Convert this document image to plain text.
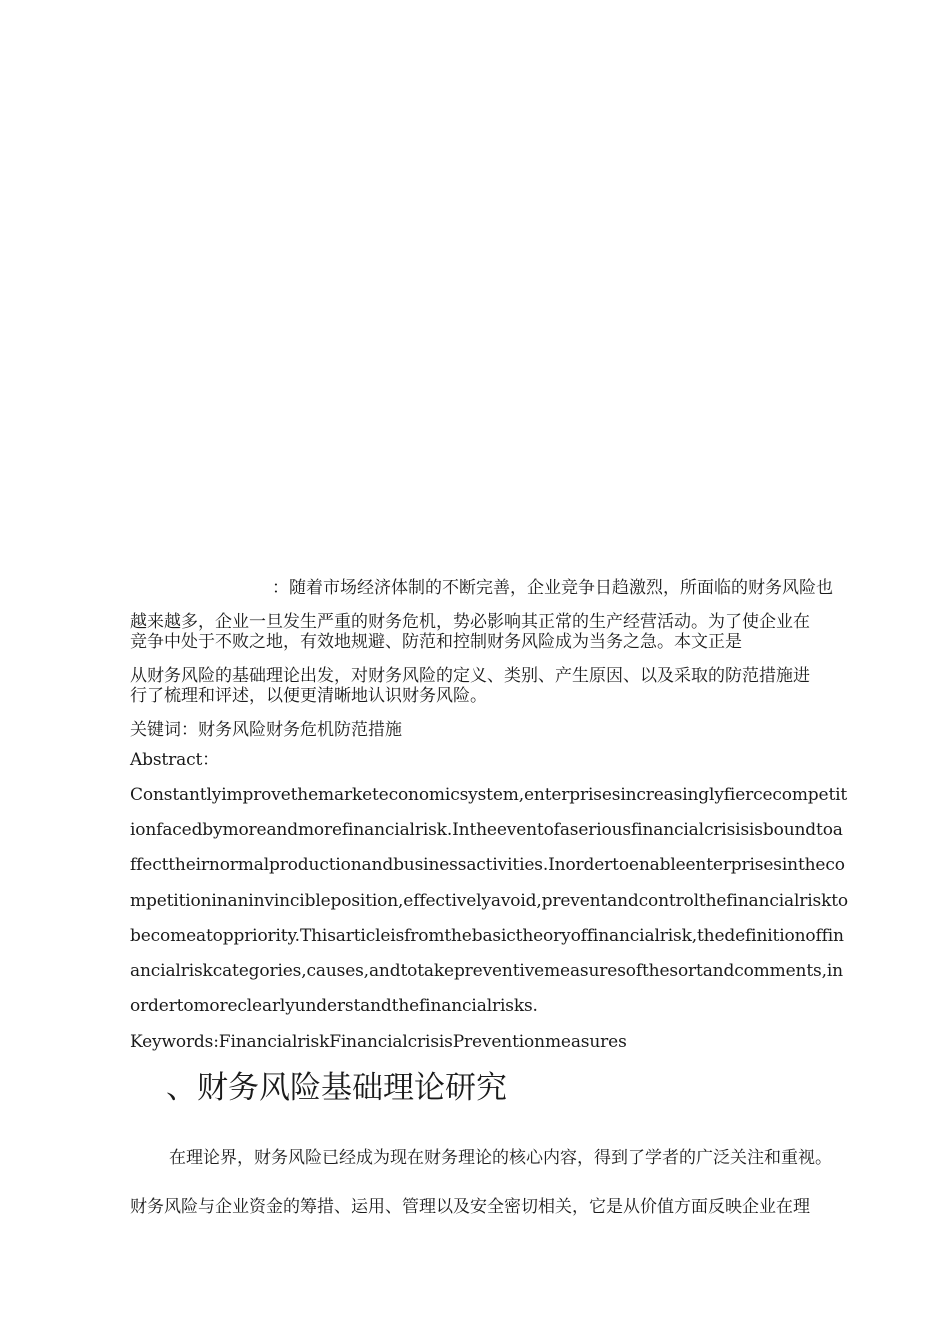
：随着市场经济体制的不断完善，企业竞争日趋激烈，所面临的财务风险也

越来越多，企业一旦发生严重的财务危机，势必影响其正常的生产经营活动。为了使企业在

竞争中处于不败之地，有效地规避、防范和控制财务风险成为当务之急。本文正是

从财务风险的基础理论出发，对财务风险的定义、类别、产生原因、以及采取的防范措施进

行了梳理和评述，以便更清晰地认识财务风险。

关键词：财务风险财务危机防范措施

Abstract：

Constantlyimprovethemarketeconomicsystem,enterprisesincreasinglyfiercecompetit

ionfacedbymoreandmorefinancialrisk.Intheeventofaseriousfinancialcrisisisboundtoa

ffecttheirnormalproductionandbusinessactivities.Inordertoenableenterprisesintheco

mpetitioninaninvincibleposition,effectivelyavoid,preventandcontrolthefinancialriskto

becomeatoppriority.Thisarticleisfromthebasictheoryoffinancialrisk,thedefinitionoffin

ancialriskcategories,causes,andtotakepreventivemeasuresofthesortandcomments,in

ordertomoreclearlyunderstandthefinancialrisks.

Keywords:FinancialriskFinancialcrisisPreventionmeasures

、财务风险基础理论研究

在理论界，财务风险已经成为现在财务理论的核心内容，得到了学者的广泛关注和重视。

财务风险与企业资金的筹措、运用、管理以及安全密切相关，它是从价值方面反映企业在理
